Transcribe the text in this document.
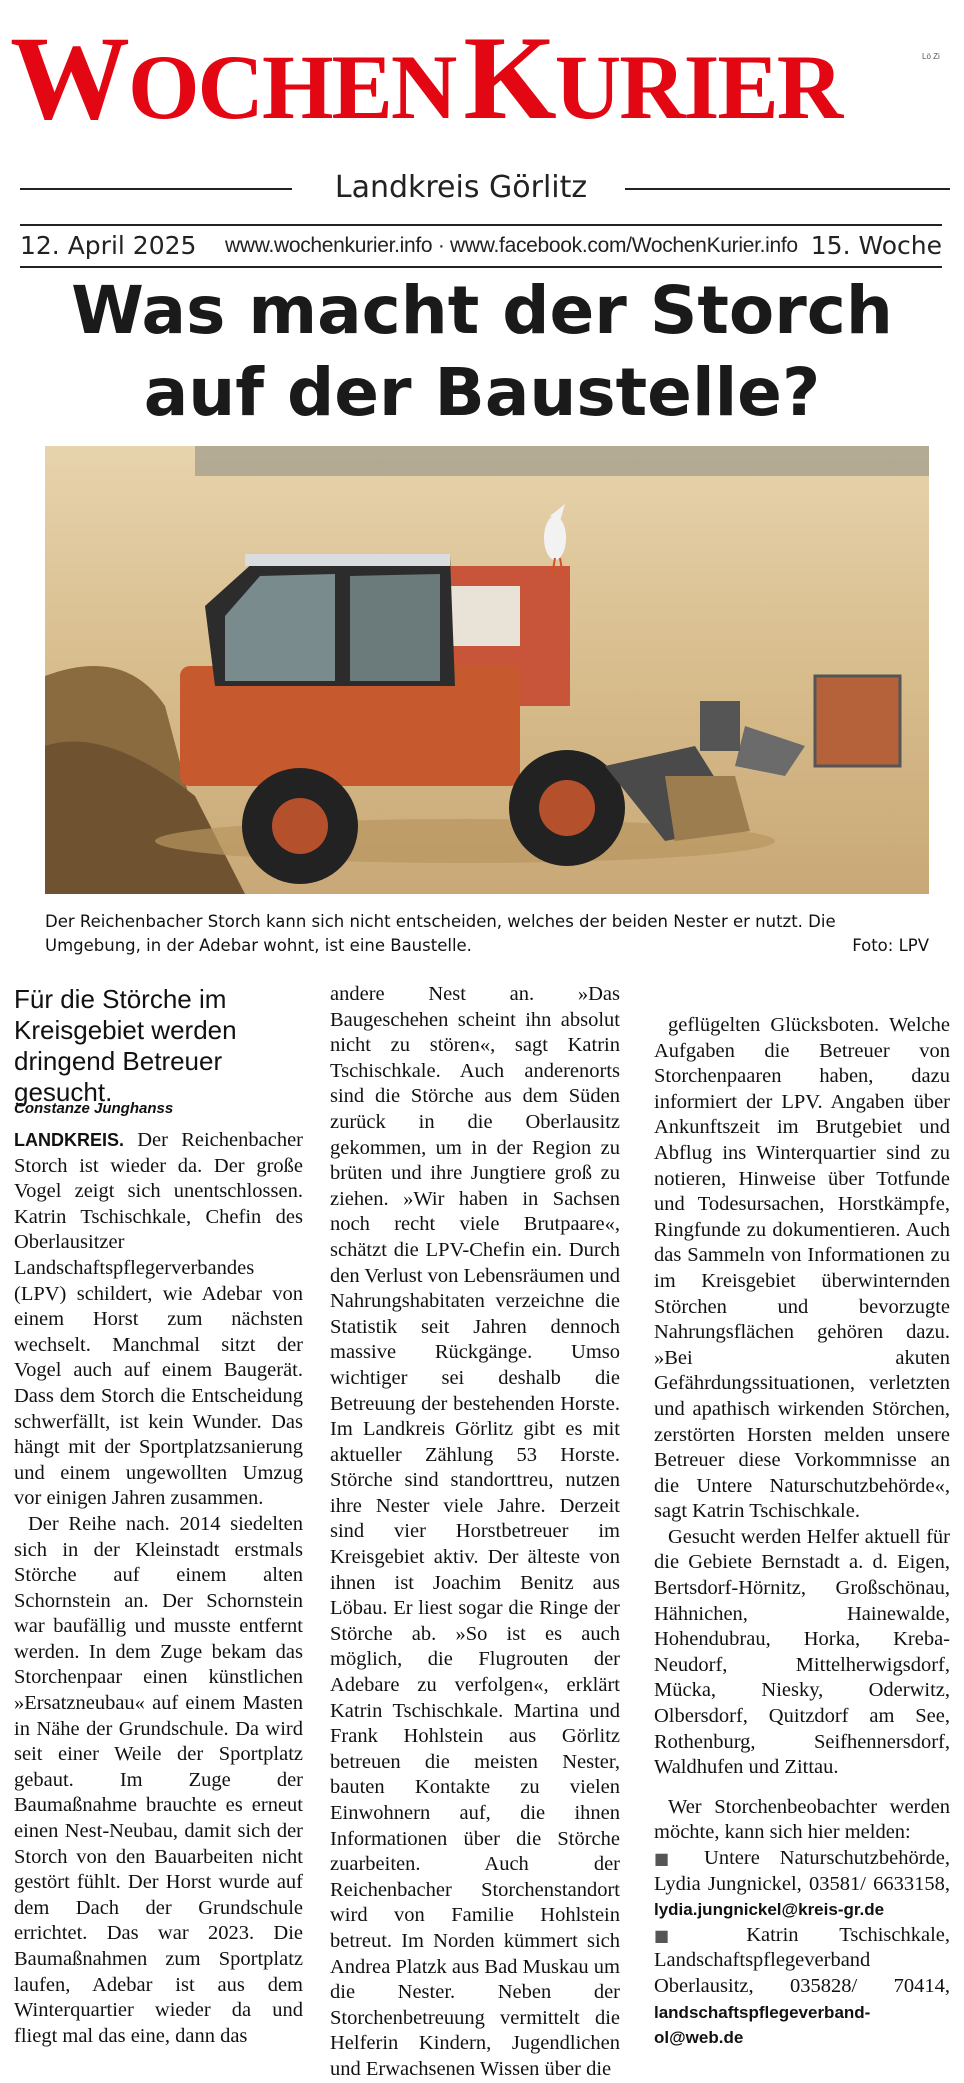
WOCHEN KURIER	Lö Zi
Landkreis Görlitz
12. April 2025 www.wochenkurier.info · www.facebook.com/WochenKurier.info 15. Woche
Was macht der Storch
auf der Baustelle?
Der Reichenbacher Storch kann sich nicht entscheiden, welches der beiden Nester er nutzt. Die Umgebung, in der Adebar wohnt, ist eine Baustelle.	Foto: LPV
Für die Störche im Kreisgebiet werden dringend Betreuer gesucht.
Constanze Junghanss

LANDKREIS. Der Reichenbacher Storch ist wieder da. Der große Vogel zeigt sich unentschlossen. Katrin Tschischkale, Chefin des Oberlausitzer Landschaftspflegerverbandes (LPV) schildert, wie Adebar von einem Horst zum nächsten wechselt. Manchmal sitzt der Vogel auch auf einem Baugerät. Dass dem Storch die Entscheidung schwerfällt, ist kein Wunder. Das hängt mit der Sportplatzsanierung und einem ungewollten Umzug vor einigen Jahren zusammen.

Der Reihe nach. 2014 siedelten sich in der Kleinstadt erstmals Störche auf einem alten Schornstein an. Der Schornstein war baufällig und musste entfernt werden. In dem Zuge bekam das Storchenpaar einen künstlichen »Ersatzneubau« auf einem Masten in Nähe der Grundschule. Da wird seit einer Weile der Sportplatz gebaut. Im Zuge der Baumaßnahme brauchte es erneut einen Nest-Neubau, damit sich der Storch von den Bauarbeiten nicht gestört fühlt. Der Horst wurde auf dem Dach der Grundschule errichtet. Das war 2023. Die Baumaßnahmen zum Sportplatz laufen, Adebar ist aus dem Winterquartier wieder da und fliegt mal das eine, dann das

andere Nest an. »Das Baugeschehen scheint ihn absolut nicht zu stören«, sagt Katrin Tschischkale. Auch anderenorts sind die Störche aus dem Süden zurück in die Oberlausitz gekommen, um in der Region zu brüten und ihre Jungtiere groß zu ziehen. »Wir haben in Sachsen noch recht viele Brutpaare«, schätzt die LPV-Chefin ein. Durch den Verlust von Lebensräumen und Nahrungshabitaten verzeichne die Statistik seit Jahren dennoch massive Rückgänge. Umso wichtiger sei deshalb die Betreuung der bestehenden Horste. Im Landkreis Görlitz gibt es mit aktueller Zählung 53 Horste. Störche sind standorttreu, nutzen ihre Nester viele Jahre. Derzeit sind vier Horstbetreuer im Kreisgebiet aktiv. Der älteste von ihnen ist Joachim Benitz aus Löbau. Er liest sogar die Ringe der Störche ab. »So ist es auch möglich, die Flugrouten der Adebare zu verfolgen«, erklärt Katrin Tschischkale. Martina und Frank Hohlstein aus Görlitz betreuen die meisten Nester, bauten Kontakte zu vielen Einwohnern auf, die ihnen Informationen über die Störche zuarbeiten. Auch der Reichenbacher Storchenstandort wird von Familie Hohlstein betreut. Im Norden kümmert sich Andrea Platzk aus Bad Muskau um die Nester. Neben der Storchenbetreuung vermittelt die Helferin Kindern, Jugendlichen und Erwachsenen Wissen über die

geflügelten Glücksboten. Welche Aufgaben die Betreuer von Storchenpaaren haben, dazu informiert der LPV. Angaben über Ankunftszeit im Brutgebiet und Abflug ins Winterquartier sind zu notieren, Hinweise über Totfunde und Todesursachen, Horstkämpfe, Ringfunde zu dokumentieren. Auch das Sammeln von Informationen zu im Kreisgebiet überwinternden Störchen und bevorzugte Nahrungsflächen gehören dazu. »Bei akuten Gefährdungssituationen, verletzten und apathisch wirkenden Störchen, zerstörten Horsten melden unsere Betreuer diese Vorkommnisse an die Untere Naturschutzbehörde«, sagt Katrin Tschischkale.

Gesucht werden Helfer aktuell für die Gebiete Bernstadt a. d. Eigen, Bertsdorf-Hörnitz, Großschönau, Hähnichen, Hainewalde, Hohendubrau, Horka, Kreba- Neudorf, Mittelherwigsdorf, Mücka, Niesky, Oderwitz, Olbersdorf, Quitzdorf am See, Rothenburg, Seifhennersdorf, Waldhufen und Zittau.

Wer Storchenbeobachter werden möchte, kann sich hier melden:

■ Untere Naturschutzbehörde, Lydia Jungnickel, 03581/ 6633158, lydia.jungnickel@kreis-gr.de

■ Katrin Tschischkale, Landschaftspflegeverband Oberlausitz, 035828/ 70414, landschaftspflegeverband-ol@web.de
